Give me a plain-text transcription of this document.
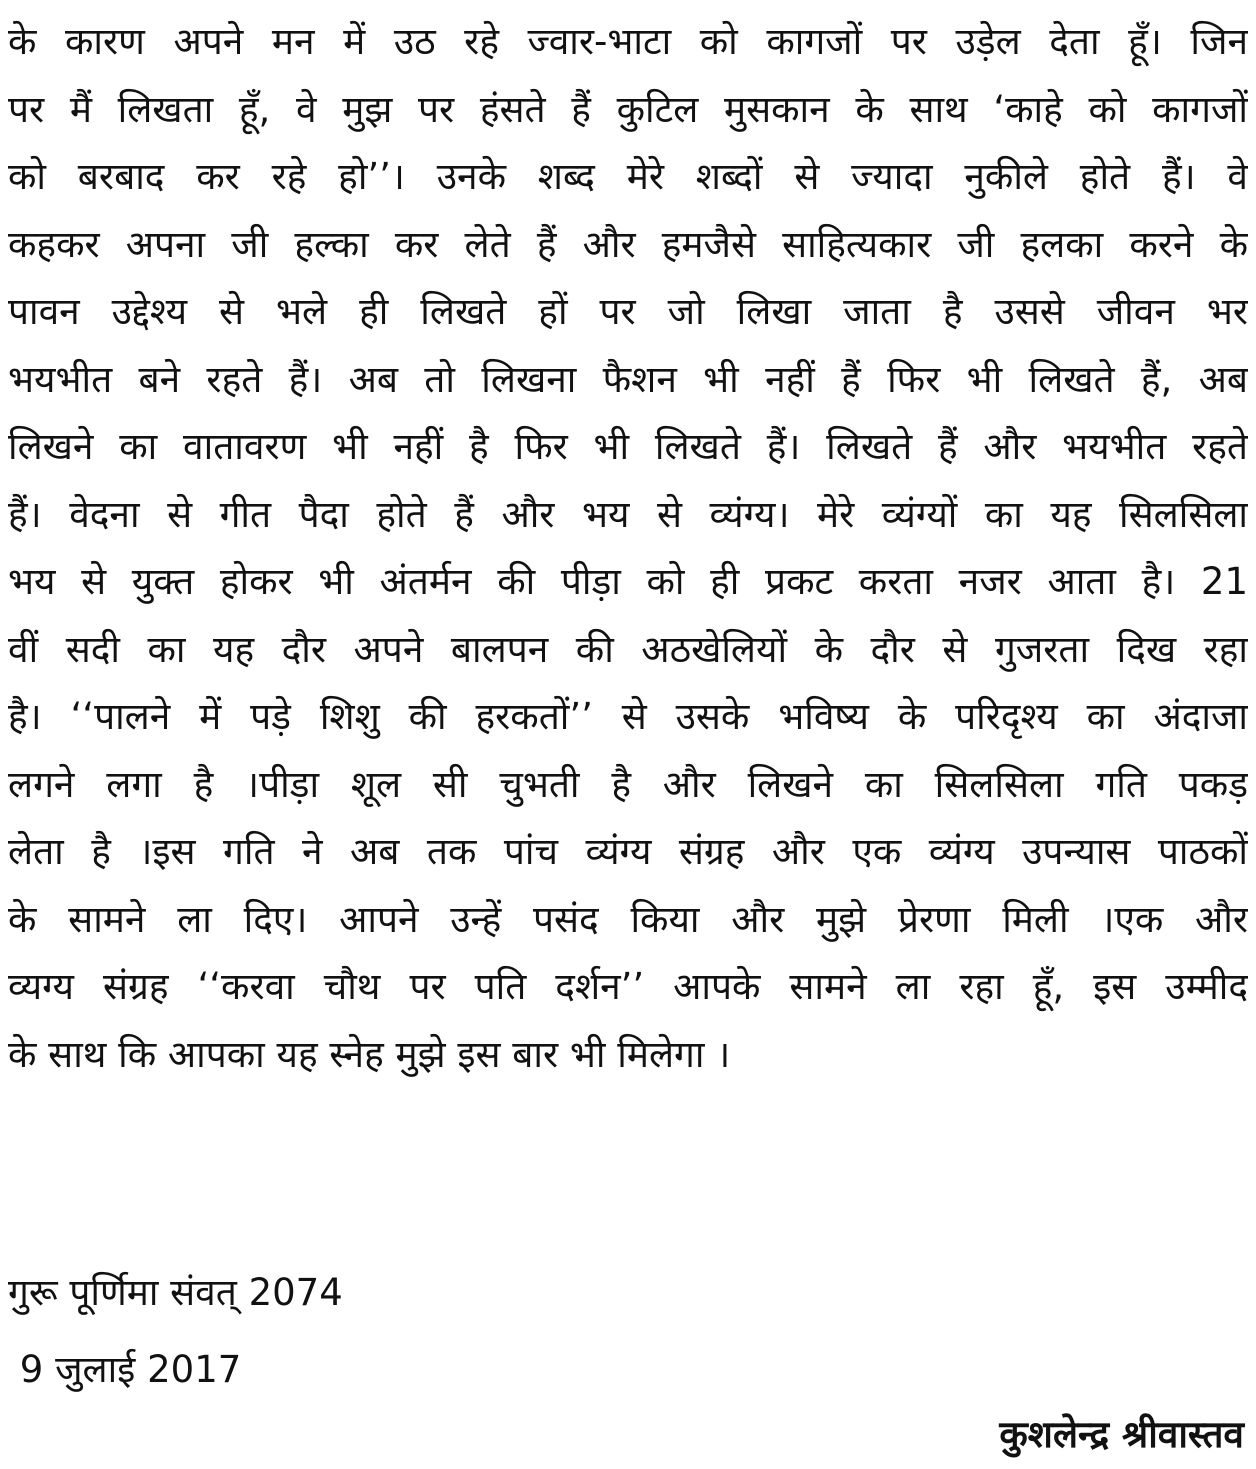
के कारण अपने मन में उठ रहे ज्वार-भाटा को कागजों पर उड़ेल देता हूँ। जिन
पर मैं लिखता हूँ, वे मुझ पर हंसते हैं कुटिल मुसकान के साथ ‘काहे को कागजों
को बरबाद कर रहे हो’’। उनके शब्द मेरे शब्दों से ज्यादा नुकीले होते हैं। वे
कहकर अपना जी हल्का कर लेते हैं और हमजैसे साहित्यकार जी हलका करने के
पावन उद्देश्य से भले ही लिखते हों पर जो लिखा जाता है उससे जीवन भर
भयभीत बने रहते हैं। अब तो लिखना फैशन भी नहीं हैं फिर भी लिखते हैं, अब
लिखने का वातावरण भी नहीं है फिर भी लिखते हैं। लिखते हैं और भयभीत रहते
हैं। वेदना से गीत पैदा होते हैं और भय से व्यंग्य। मेरे व्यंग्यों का यह सिलसिला
भय से युक्त होकर भी अंतर्मन की पीड़ा को ही प्रकट करता नजर आता है। 21
वीं सदी का यह दौर अपने बालपन की अठखेलियों के दौर से गुजरता दिख रहा
है। ‘‘पालने में पड़े शिशु की हरकतों’’ से उसके भविष्य के परिदृश्य का अंदाजा
लगने लगा है ।पीड़ा शूल सी चुभती है और लिखने का सिलसिला गति पकड़
लेता है ।इस गति ने अब तक पांच व्यंग्य संग्रह और एक व्यंग्य उपन्यास पाठकों
के सामने ला दिए। आपने उन्हें पसंद किया और मुझे प्रेरणा मिली ।एक और
व्यग्य संग्रह ‘‘करवा चौथ पर पति दर्शन’’ आपके सामने ला रहा हूँ, इस उम्मीद
के साथ कि आपका यह स्नेह मुझे इस बार भी मिलेगा ।
गुरू पूर्णिमा संवत् 2074
9 जुलाई 2017
कुशलेन्द्र श्रीवास्तव
